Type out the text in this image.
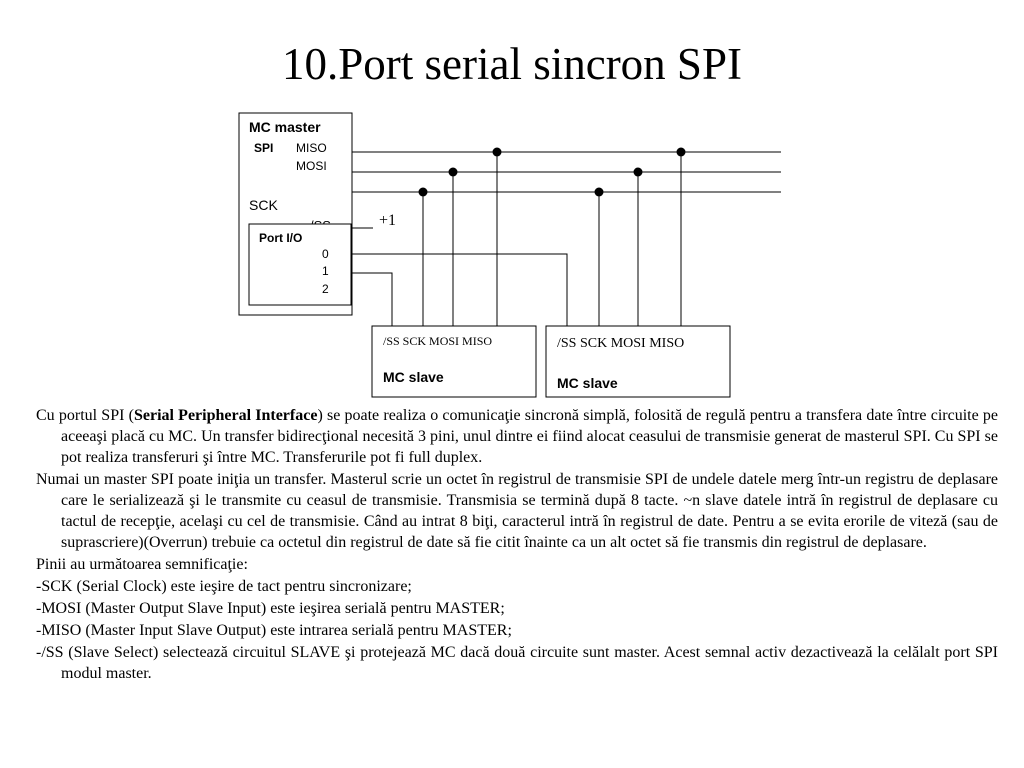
10.Port serial sincron SPI
MC master
SPI MISO
MOSI
SCK
+1
Port I/O
0
1
2
/SS SCK MOSI MISO
MC slave
/SS SCK MOSI MISO
MC slave

Cu portul SPI (Serial Peripheral Interface) se poate realiza o comunicaţie sincronă simplă, folosită de regulă pentru a transfera date între circuite pe aceeaşi placă cu MC. Un transfer bidirecţional necesită 3 pini, unul dintre ei fiind alocat ceasului de transmisie generat de masterul SPI. Cu SPI se pot realiza transferuri şi între MC. Transferurile pot fi full duplex.

Numai un master SPI poate iniţia un transfer. Masterul scrie un octet în registrul de transmisie SPI de undele datele merg într-un registru de deplasare care le serializează şi le transmite cu ceasul de transmisie. Transmisia se termină după 8 tacte. ~n slave datele intră în registrul de deplasare cu tactul de recepţie, acelaşi cu cel de transmisie. Când au intrat 8 biţi, caracterul intră în registrul de date. Pentru a se evita erorile de viteză (sau de suprascriere)(Overrun) trebuie ca octetul din registrul de date să fie citit înainte ca un alt octet să fie transmis din registrul de deplasare.

Pinii au următoarea semnificaţie:

-SCK (Serial Clock) este ieşire de tact pentru sincronizare;

-MOSI (Master Output Slave Input) este ieşirea serială pentru MASTER;

-MISO (Master Input Slave Output) este intrarea serială pentru MASTER;

-/SS (Slave Select) selectează circuitul SLAVE şi protejează MC dacă două circuite sunt master. Acest semnal activ dezactivează la celălalt port SPI modul master.
